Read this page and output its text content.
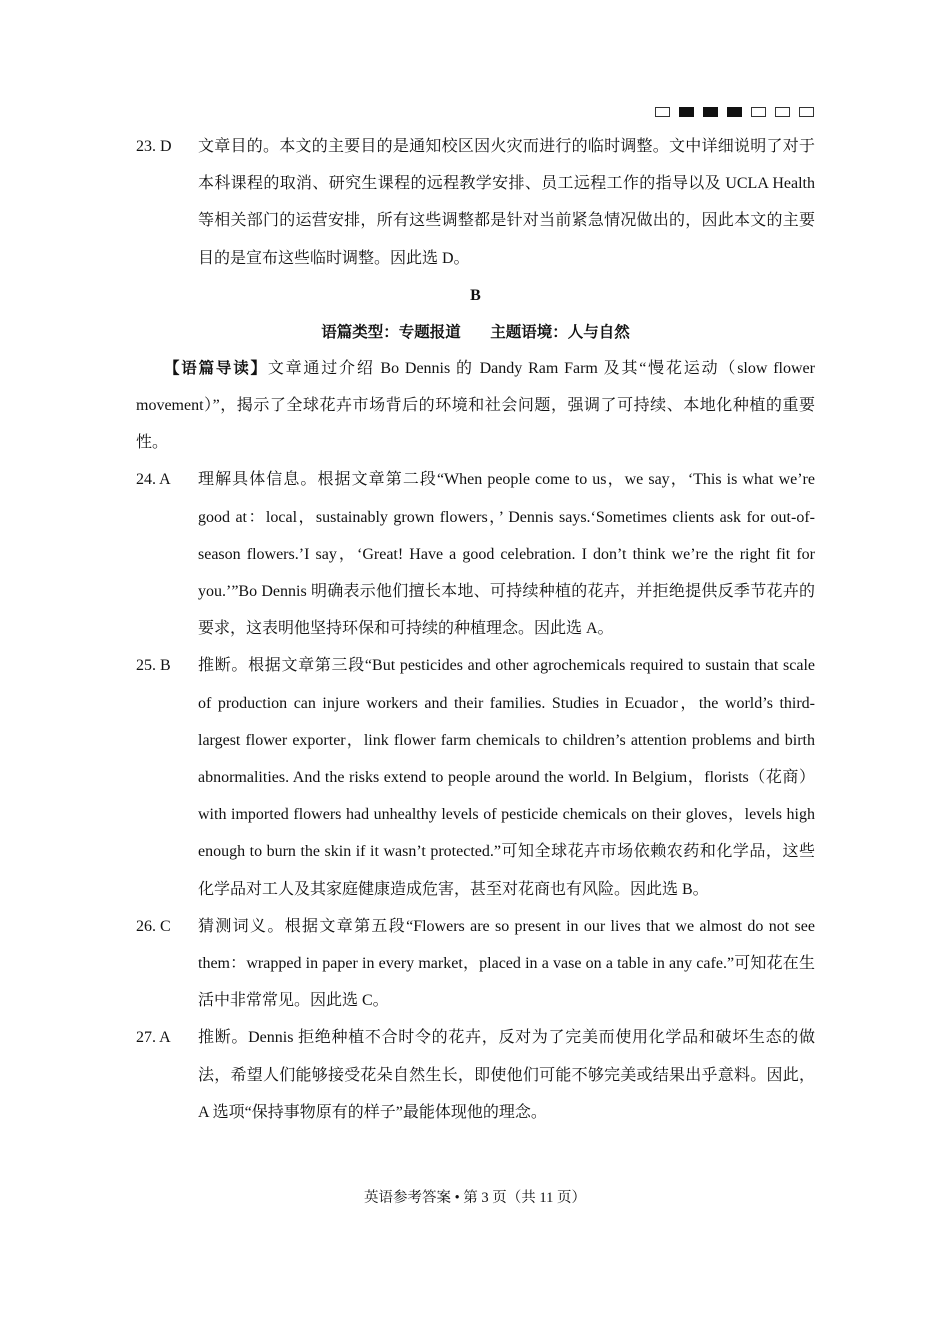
23. D	文章目的。本文的主要目的是通知校区因火灾而进行的临时调整。文中详细说明了对于本科课程的取消、研究生课程的远程教学安排、员工远程工作的指导以及 UCLA Health 等相关部门的运营安排，所有这些调整都是针对当前紧急情况做出的，因此本文的主要目的是宣布这些临时调整。因此选 D。
B
语篇类型：专题报道 主题语境：人与自然
【语篇导读】文章通过介绍 Bo Dennis 的 Dandy Ram Farm 及其“慢花运动（slow flower movement）”，揭示了全球花卉市场背后的环境和社会问题，强调了可持续、本地化种植的重要性。
24. A	理解具体信息。根据文章第二段“When people come to us，we say，‘This is what we’re good at：local，sustainably grown flowers，’ Dennis says.‘Sometimes clients ask for out-of-season flowers.’I say，‘Great! Have a good celebration. I don’t think we’re the right fit for you.’”Bo Dennis 明确表示他们擅长本地、可持续种植的花卉，并拒绝提供反季节花卉的要求，这表明他坚持环保和可持续的种植理念。因此选 A。
25. B	推断。根据文章第三段“But pesticides and other agrochemicals required to sustain that scale of production can injure workers and their families. Studies in Ecuador，the world’s third-largest flower exporter，link flower farm chemicals to children’s attention problems and birth abnormalities. And the risks extend to people around the world. In Belgium，florists（花商）with imported flowers had unhealthy levels of pesticide chemicals on their gloves，levels high enough to burn the skin if it wasn’t protected.”可知全球花卉市场依赖农药和化学品，这些化学品对工人及其家庭健康造成危害，甚至对花商也有风险。因此选 B。
26. C	猜测词义。根据文章第五段“Flowers are so present in our lives that we almost do not see them：wrapped in paper in every market，placed in a vase on a table in any cafe.”可知花在生活中非常常见。因此选 C。
27. A	推断。Dennis 拒绝种植不合时令的花卉，反对为了完美而使用化学品和破坏生态的做法，希望人们能够接受花朵自然生长，即使他们可能不够完美或结果出乎意料。因此，A 选项“保持事物原有的样子”最能体现他的理念。
英语参考答案 • 第 3 页（共 11 页）
